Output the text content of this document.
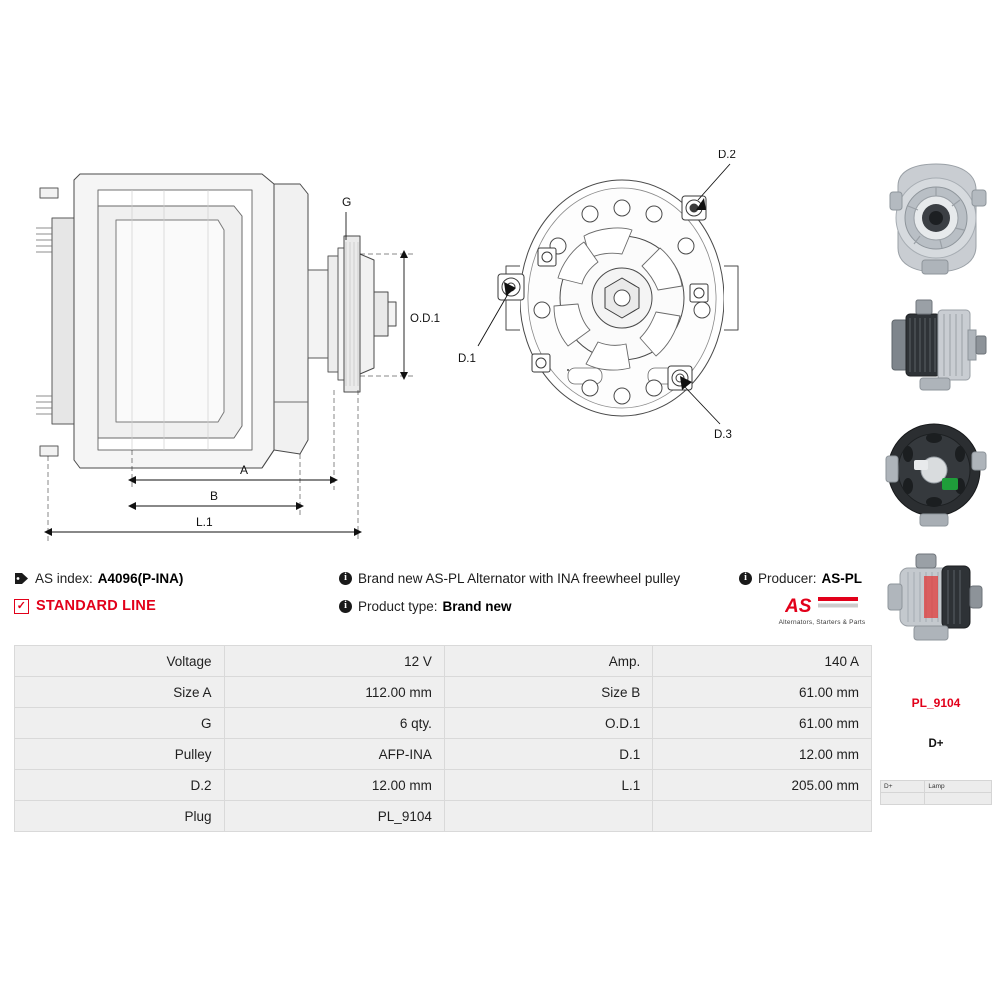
G
O.D.1
A
B
L.1
D.2
D.3
D.1
AS index: A4096(P-INA)	i Brand new AS-PL Alternator with INA freewheel pulley	i Producer: AS-PL
✓ STANDARD LINE	i Product type: Brand new	AS
Alternators, Starters & Parts
Voltage	12 V	Amp.	140 A
Size A	112.00 mm	Size B	61.00 mm
G	6 qty.	O.D.1	61.00 mm
Pulley	AFP-INA	D.1	12.00 mm
D.2	12.00 mm	L.1	205.00 mm
Plug	PL_9104		
PL_9104
D+
D+	Lamp
